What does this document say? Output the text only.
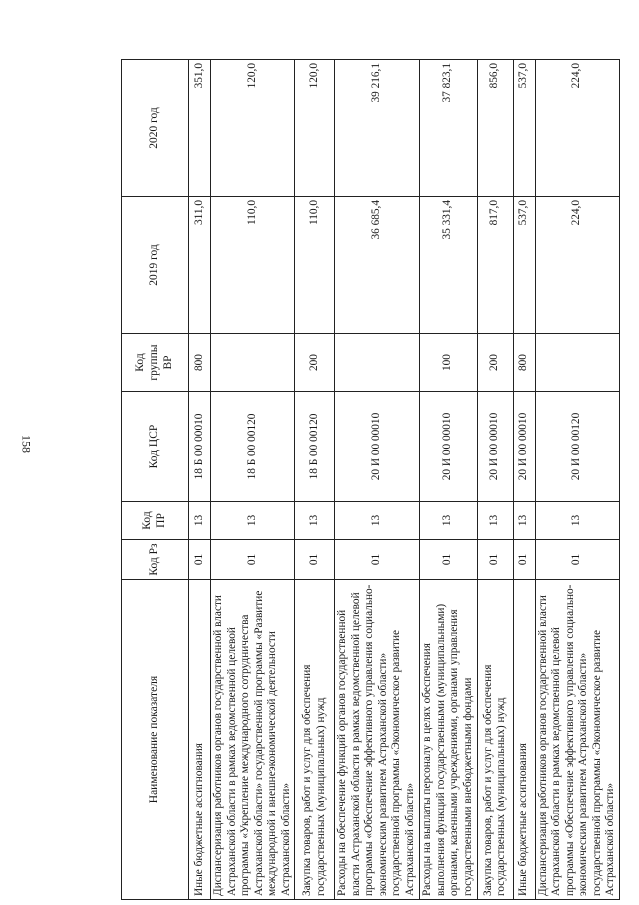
158
Наименование показателя	Код Рз	Код ПР	Код ЦСР	Код группы ВР	2019 год	2020 год
Иные бюджетные ассигнования	01	13	18 Б 00 00010	800	311,0	351,0
Диспансеризация работников органов государственной власти Астраханской области в рамках ведомственной целевой программы «Укрепление международного сотрудничества Астраханской области» государственной программы «Развитие международной и внешнеэкономической деятельности Астраханской области»	01	13	18 Б 00 00120		110,0	120,0
Закупка товаров, работ и услуг для обеспечения государственных (муниципальных) нужд	01	13	18 Б 00 00120	200	110,0	120,0
Расходы на обеспечение функций органов государственной власти Астраханской области в рамках ведомственной целевой программы «Обеспечение эффективного управления социально-экономическим развитием Астраханской области» государственной программы «Экономическое развитие Астраханской области»	01	13	20 И 00 00010		36 685,4	39 216,1
Расходы на выплаты персоналу в целях обеспечения выполнения функций государственными (муниципальными) органами, казенными учреждениями, органами управления государственными внебюджетными фондами	01	13	20 И 00 00010	100	35 331,4	37 823,1
Закупка товаров, работ и услуг для обеспечения государственных (муниципальных) нужд	01	13	20 И 00 00010	200	817,0	856,0
Иные бюджетные ассигнования	01	13	20 И 00 00010	800	537,0	537,0
Диспансеризация работников органов государственной власти Астраханской области в рамках ведомственной целевой программы «Обеспечение эффективного управления социально-экономическим развитием Астраханской области» государственной программы «Экономическое развитие Астраханской области»	01	13	20 И 00 00120		224,0	224,0
